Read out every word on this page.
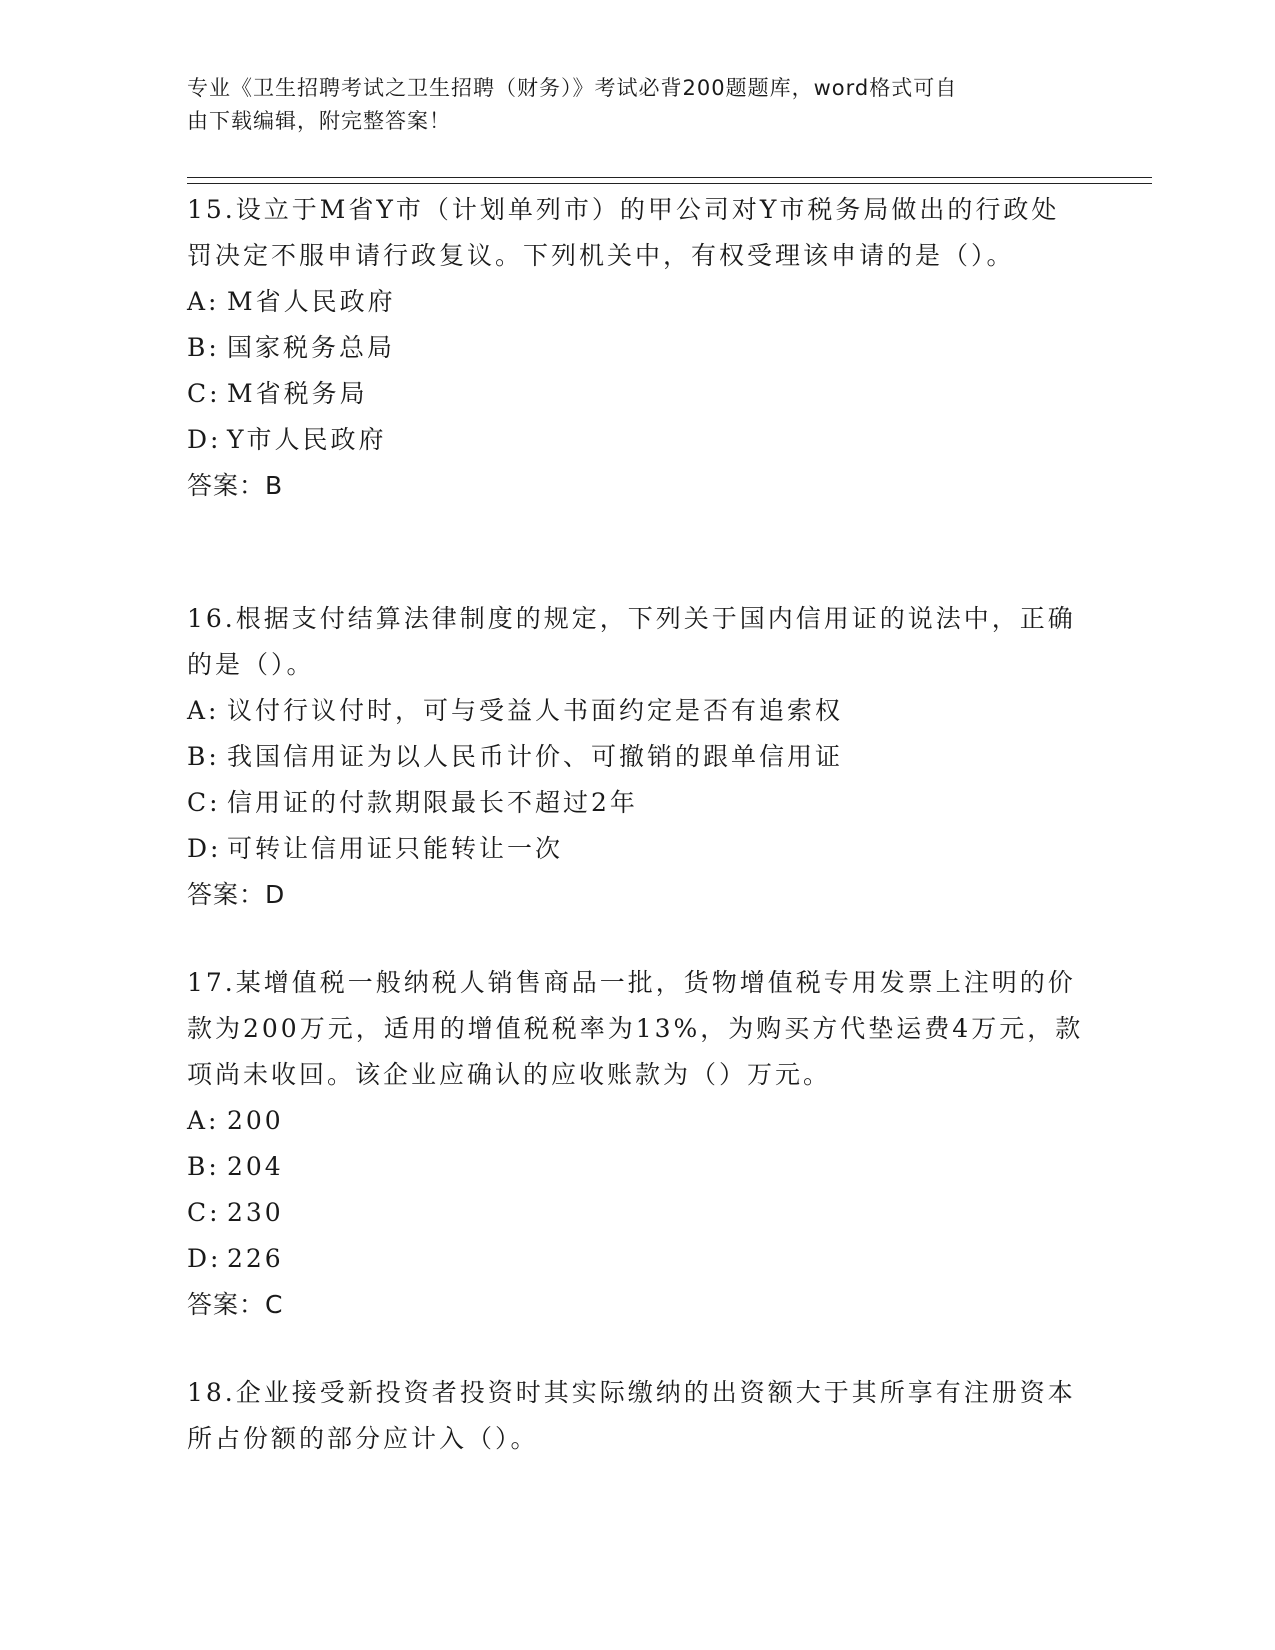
专业《卫生招聘考试之卫生招聘（财务）》考试必背200题题库，word格式可自
由下载编辑，附完整答案！

15.设立于M省Y市（计划单列市）的甲公司对Y市税务局做出的行政处罚决定不服申请行政复议。下列机关中，有权受理该申请的是（）。

A: M省人民政府

B: 国家税务总局

C: M省税务局

D: Y市人民政府

答案：B

16.根据支付结算法律制度的规定，下列关于国内信用证的说法中，正确的是（）。

A: 议付行议付时，可与受益人书面约定是否有追索权

B: 我国信用证为以人民币计价、可撤销的跟单信用证

C: 信用证的付款期限最长不超过2年

D: 可转让信用证只能转让一次

答案：D

17.某增值税一般纳税人销售商品一批，货物增值税专用发票上注明的价款为200万元，适用的增值税税率为13%，为购买方代垫运费4万元，款项尚未收回。该企业应确认的应收账款为（）万元。

A: 200

B: 204

C: 230

D: 226

答案：C

18.企业接受新投资者投资时其实际缴纳的出资额大于其所享有注册资本所占份额的部分应计入（）。
